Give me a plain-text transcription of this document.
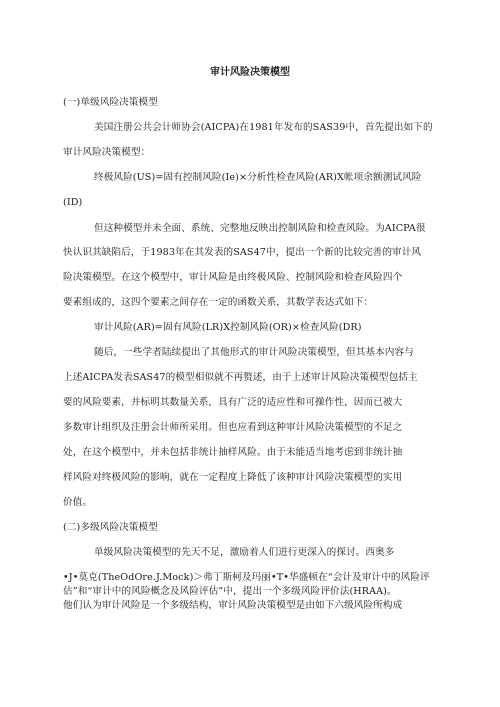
审计风险决策模型
(一)单级风险决策模型
美国注册公共会计师协会(AICPA)在1981年发布的SAS39中，首先提出如下的
审计风险决策模型：
终极风险(US)=固有控制风险(Ie)×分析性检查风险(AR)X帐项余额测试风险
(ID)
但这种模型并未全面、系统、完整地反映出控制风险和检查风险。为AICPA很
快认识其缺陷后，于1983年在其发表的SAS47中，提出一个新的比较完善的审计风
险决策模型。在这个模型中，审计风险是由终极风险、控制风险和检查风险四个
要素组成的，这四个要素之间存在一定的函数关系，其数学表达式如下：
审计风险(AR)=固有风险(LR)X控制风险(OR)×检查风险(DR)
随后，一些学者陆续提出了其他形式的审计风险决策模型，但其基本内容与
上述AICPA发表SAS47的模型相似就不再赘述，由于上述审计风险决策模型包括主
要的风险要素，并标明其数量关系，具有广泛的适应性和可操作性，因而已被大
多数审计组织及注册会计师所采用。但也应看到这种审计风险决策模型的不足之
处，在这个模型中，并未包括非统计抽样风险。由于未能适当地考虑到非统计抽
样风险对终极风险的影响，就在一定程度上降低了该种审计风险决策模型的实用
价值。
(二)多级风险决策模型
单级风险决策模型的先天不足，激励着人们进行更深入的探讨。西奥多
•J•莫克(TheOdOre.J.Mock)＞弗丁斯柯及玛丽•T•华盛顿在“会计及审计中的风险评
估”和“审计中的风险概念及风险评估”中，提出一个多级风险评价法(HRAA)。
他们认为审计风险是一个多级结构，审计风险决策模型是由如下六级风险所构成
